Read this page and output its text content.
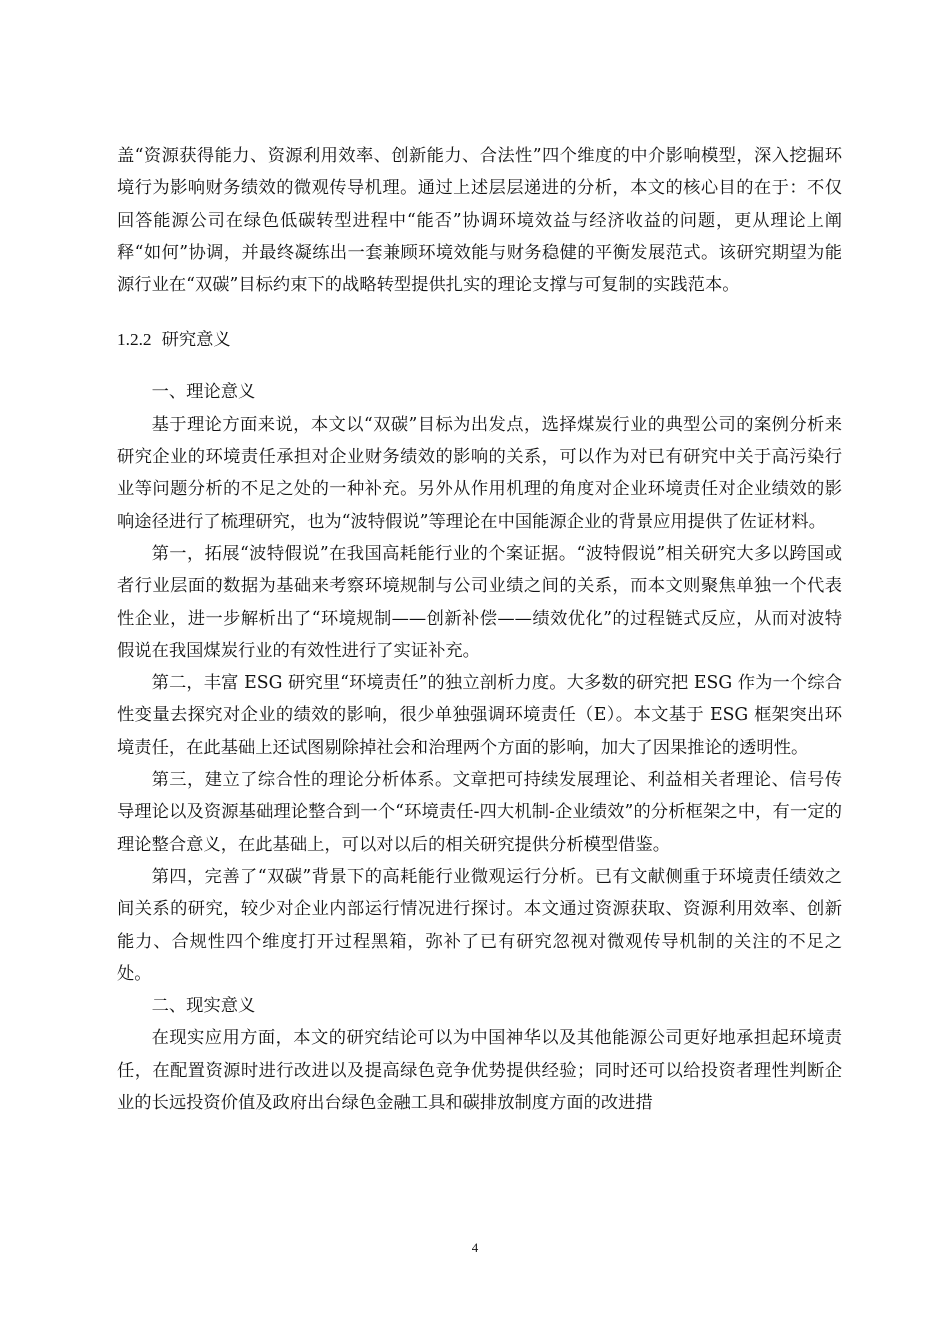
盖“资源获得能力、资源利用效率、创新能力、合法性”四个维度的中介影响模型，深入挖掘环境行为影响财务绩效的微观传导机理。通过上述层层递进的分析，本文的核心目的在于：不仅回答能源公司在绿色低碳转型进程中“能否”协调环境效益与经济收益的问题，更从理论上阐释“如何”协调，并最终凝练出一套兼顾环境效能与财务稳健的平衡发展范式。该研究期望为能源行业在“双碳”目标约束下的战略转型提供扎实的理论支撑与可复制的实践范本。

1.2.2 研究意义

一、理论意义

基于理论方面来说，本文以“双碳”目标为出发点，选择煤炭行业的典型公司的案例分析来研究企业的环境责任承担对企业财务绩效的影响的关系，可以作为对已有研究中关于高污染行业等问题分析的不足之处的一种补充。另外从作用机理的角度对企业环境责任对企业绩效的影响途径进行了梳理研究，也为“波特假说”等理论在中国能源企业的背景应用提供了佐证材料。

第一，拓展“波特假说”在我国高耗能行业的个案证据。“波特假说”相关研究大多以跨国或者行业层面的数据为基础来考察环境规制与公司业绩之间的关系，而本文则聚焦单独一个代表性企业，进一步解析出了“环境规制——创新补偿——绩效优化”的过程链式反应，从而对波特假说在我国煤炭行业的有效性进行了实证补充。

第二，丰富 ESG 研究里“环境责任”的独立剖析力度。大多数的研究把 ESG 作为一个综合性变量去探究对企业的绩效的影响，很少单独强调环境责任（E）。本文基于 ESG 框架突出环境责任，在此基础上还试图剔除掉社会和治理两个方面的影响，加大了因果推论的透明性。

第三，建立了综合性的理论分析体系。文章把可持续发展理论、利益相关者理论、信号传导理论以及资源基础理论整合到一个“环境责任-四大机制-企业绩效”的分析框架之中，有一定的理论整合意义，在此基础上，可以对以后的相关研究提供分析模型借鉴。

第四，完善了“双碳”背景下的高耗能行业微观运行分析。已有文献侧重于环境责任绩效之间关系的研究，较少对企业内部运行情况进行探讨。本文通过资源获取、资源利用效率、创新能力、合规性四个维度打开过程黑箱，弥补了已有研究忽视对微观传导机制的关注的不足之处。

二、现实意义

在现实应用方面，本文的研究结论可以为中国神华以及其他能源公司更好地承担起环境责任，在配置资源时进行改进以及提高绿色竞争优势提供经验；同时还可以给投资者理性判断企业的长远投资价值及政府出台绿色金融工具和碳排放制度方面的改进措

4
